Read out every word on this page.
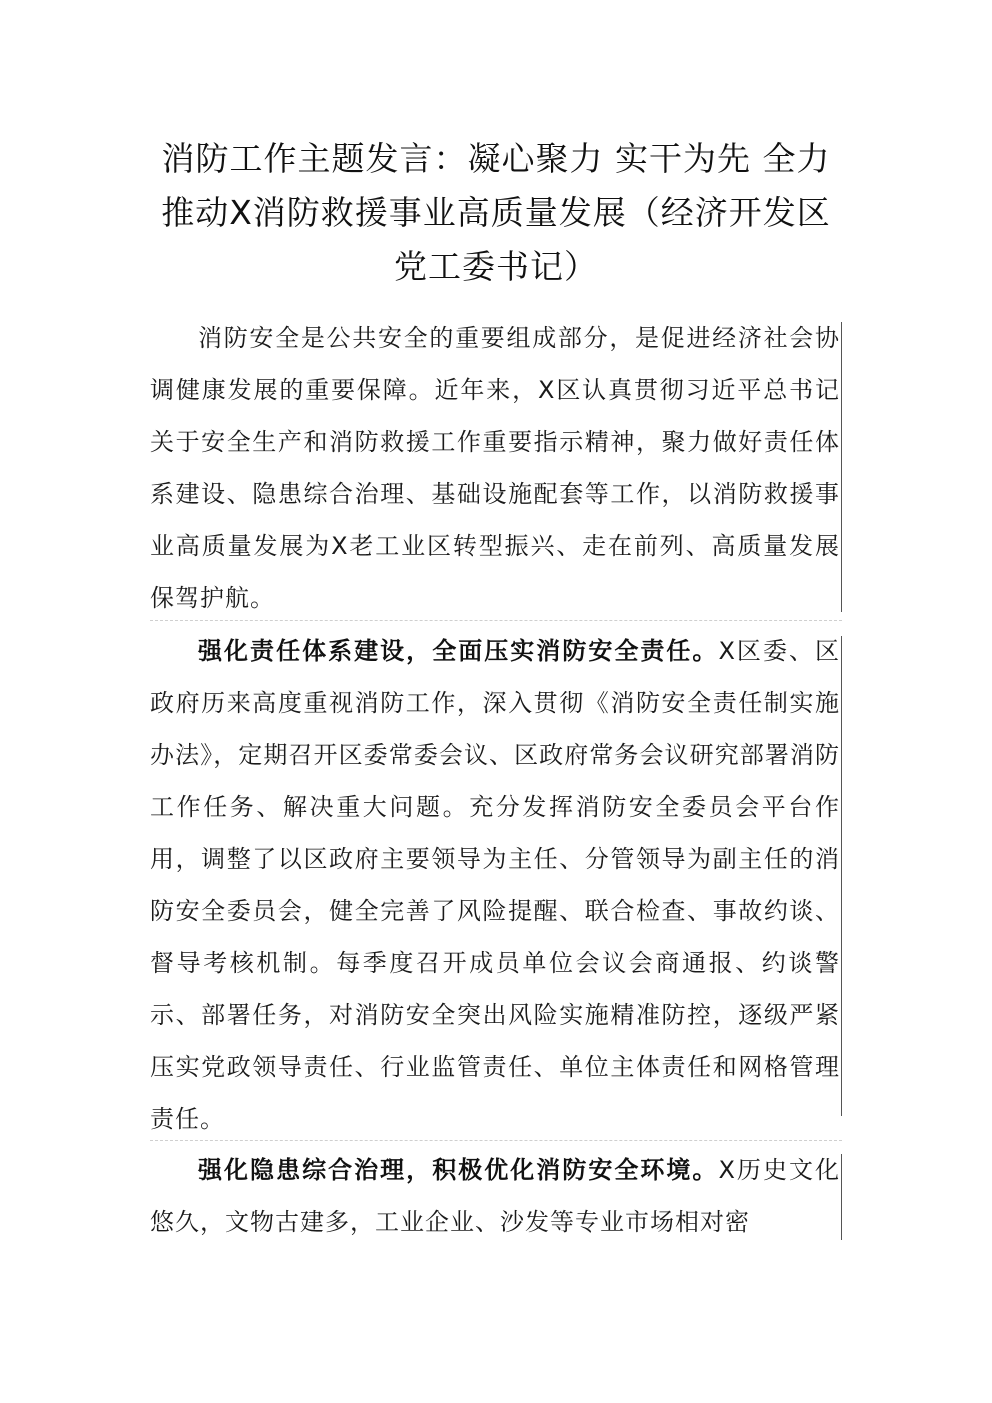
消防工作主题发言：凝心聚力 实干为先 全力推动X消防救援事业高质量发展（经济开发区党工委书记）

消防安全是公共安全的重要组成部分，是促进经济社会协调健康发展的重要保障。近年来，X区认真贯彻习近平总书记关于安全生产和消防救援工作重要指示精神，聚力做好责任体系建设、隐患综合治理、基础设施配套等工作，以消防救援事业高质量发展为X老工业区转型振兴、走在前列、高质量发展保驾护航。

强化责任体系建设，全面压实消防安全责任。X区委、区政府历来高度重视消防工作，深入贯彻《消防安全责任制实施办法》，定期召开区委常委会议、区政府常务会议研究部署消防工作任务、解决重大问题。充分发挥消防安全委员会平台作用，调整了以区政府主要领导为主任、分管领导为副主任的消防安全委员会，健全完善了风险提醒、联合检查、事故约谈、督导考核机制。每季度召开成员单位会议会商通报、约谈警示、部署任务，对消防安全突出风险实施精准防控，逐级严紧压实党政领导责任、行业监管责任、单位主体责任和网格管理责任。

强化隐患综合治理，积极优化消防安全环境。X历史文化悠久，文物古建多，工业企业、沙发等专业市场相对密
